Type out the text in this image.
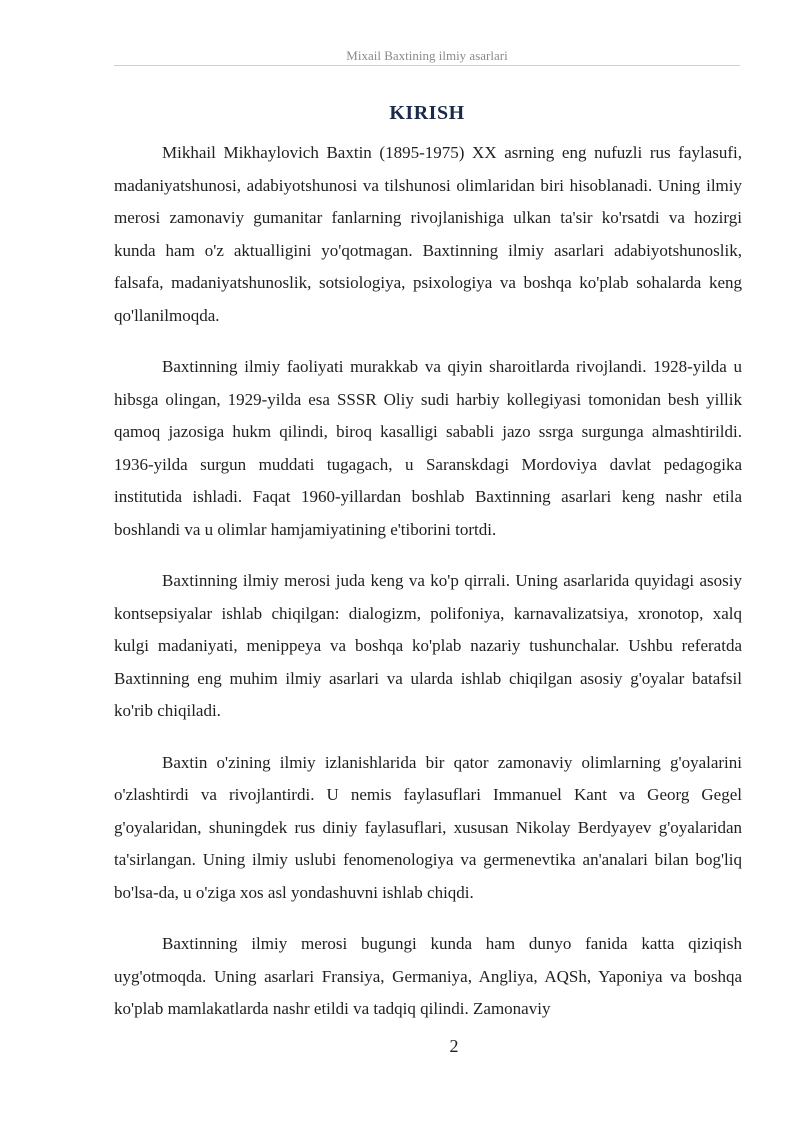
Mixail Baxtining ilmiy asarlari
KIRISH

Mikhail Mikhaylovich Baxtin (1895-1975) XX asrning eng nufuzli rus faylasufi, madaniyatshunosi, adabiyotshunosi va tilshunosi olimlaridan biri hisoblanadi. Uning ilmiy merosi zamonaviy gumanitar fanlarning rivojlanishiga ulkan ta'sir ko'rsatdi va hozirgi kunda ham o'z aktualligini yo'qotmagan. Baxtinning ilmiy asarlari adabiyotshunoslik, falsafa, madaniyatshunoslik, sotsiologiya, psixologiya va boshqa ko'plab sohalarda keng qo'llanilmoqda.

Baxtinning ilmiy faoliyati murakkab va qiyin sharoitlarda rivojlandi. 1928-yilda u hibsga olingan, 1929-yilda esa SSSR Oliy sudi harbiy kollegiyasi tomonidan besh yillik qamoq jazosiga hukm qilindi, biroq kasalligi sababli jazo ssrga surgunga almashtirildi. 1936-yilda surgun muddati tugagach, u Saranskdagi Mordoviya davlat pedagogika institutida ishladi. Faqat 1960-yillardan boshlab Baxtinning asarlari keng nashr etila boshlandi va u olimlar hamjamiyatining e'tiborini tortdi.

Baxtinning ilmiy merosi juda keng va ko'p qirrali. Uning asarlarida quyidagi asosiy kontsepsiyalar ishlab chiqilgan: dialogizm, polifoniya, karnavalizatsiya, xronotop, xalq kulgi madaniyati, menippeya va boshqa ko'plab nazariy tushunchalar. Ushbu referatda Baxtinning eng muhim ilmiy asarlari va ularda ishlab chiqilgan asosiy g'oyalar batafsil ko'rib chiqiladi.

Baxtin o'zining ilmiy izlanishlarida bir qator zamonaviy olimlarning g'oyalarini o'zlashtirdi va rivojlantirdi. U nemis faylasuflari Immanuel Kant va Georg Gegel g'oyalaridan, shuningdek rus diniy faylasuflari, xususan Nikolay Berdyayev g'oyalaridan ta'sirlangan. Uning ilmiy uslubi fenomenologiya va germenevtika an'analari bilan bog'liq bo'lsa-da, u o'ziga xos asl yondashuvni ishlab chiqdi.

Baxtinning ilmiy merosi bugungi kunda ham dunyo fanida katta qiziqish uyg'otmoqda. Uning asarlari Fransiya, Germaniya, Angliya, AQSh, Yaponiya va boshqa ko'plab mamlakatlarda nashr etildi va tadqiq qilindi. Zamonaviy

2
